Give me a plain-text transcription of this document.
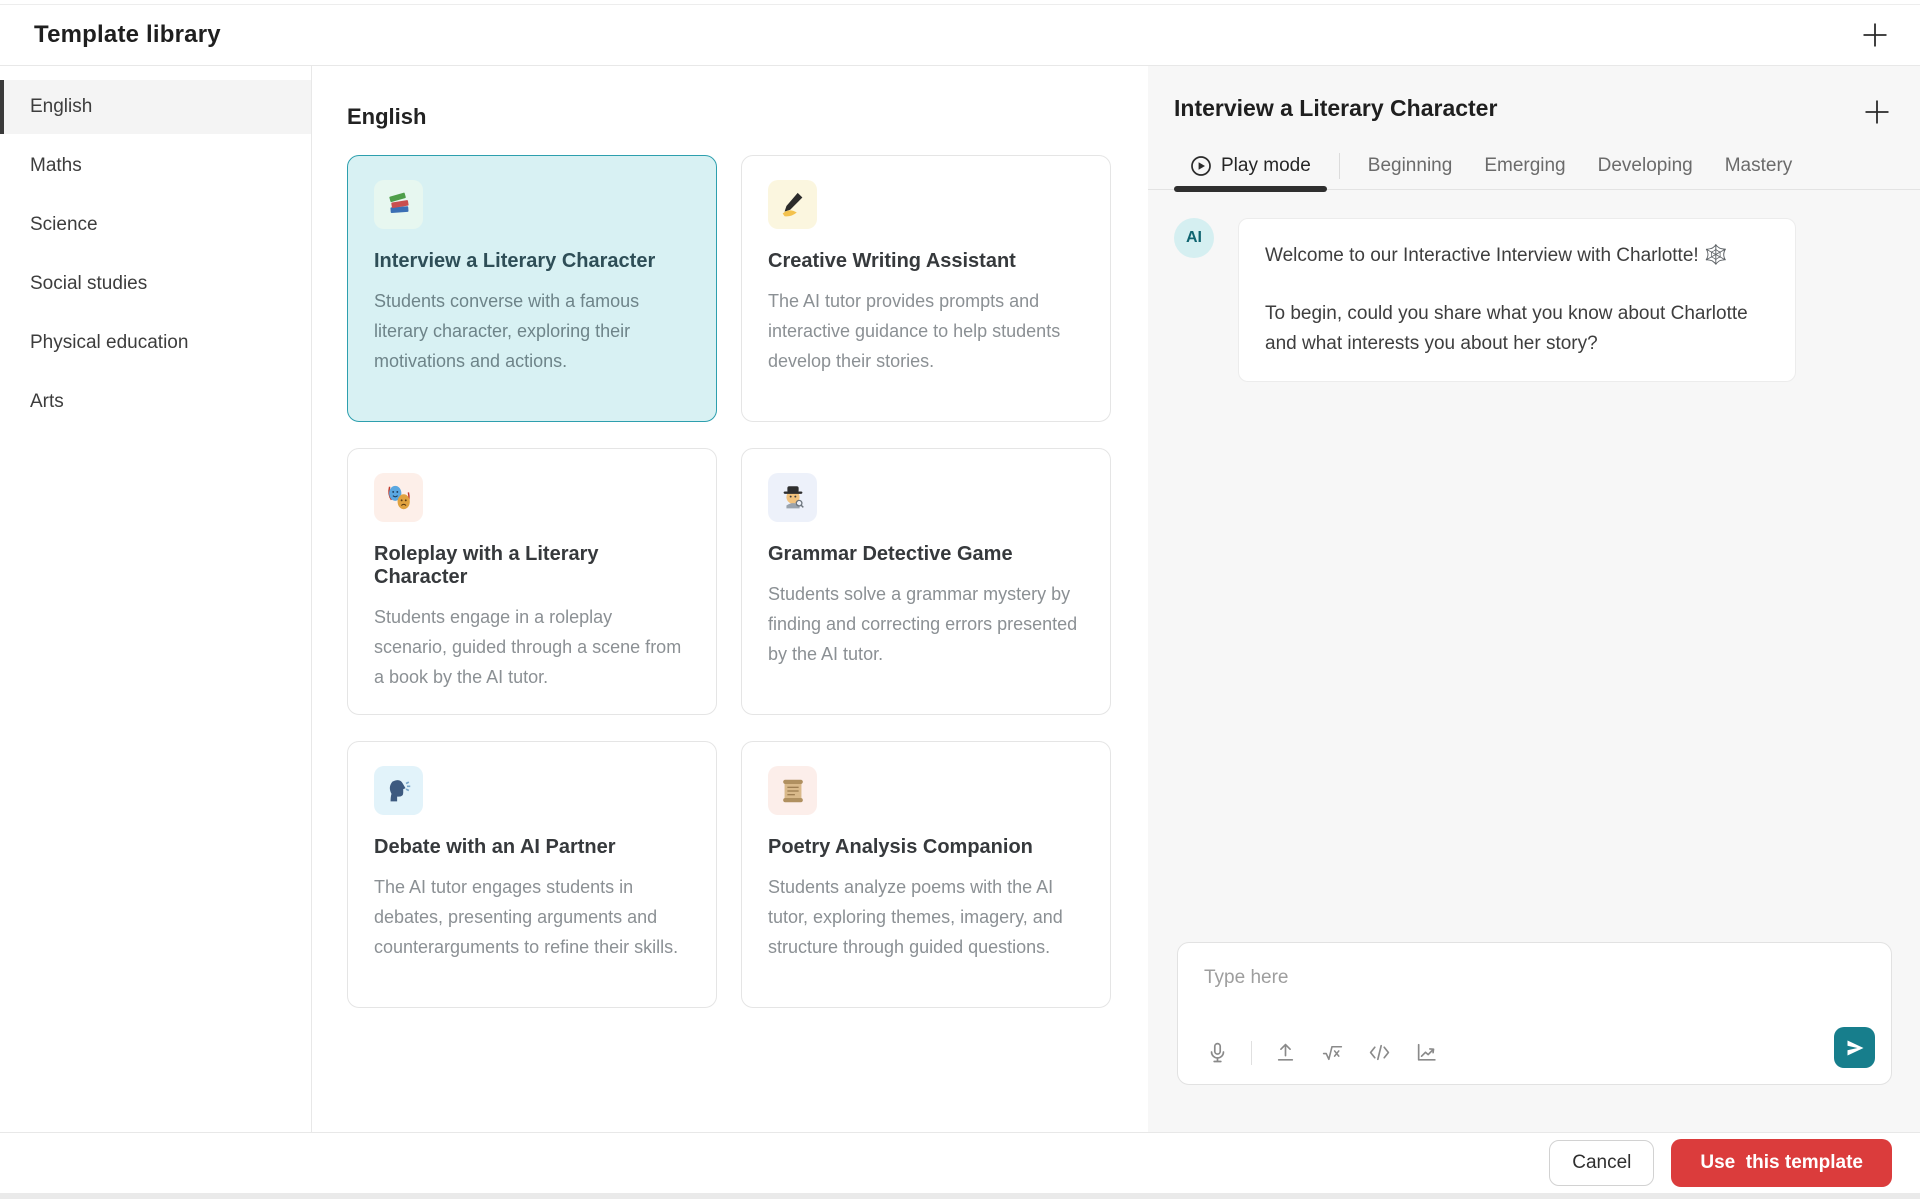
Template library
English
Maths
Science
Social studies
Physical education
Arts
English
Interview a Literary Character

Students converse with a famous literary character, exploring their motivations and actions.

Creative Writing Assistant

The AI tutor provides prompts and interactive guidance to help students develop their stories.

Roleplay with a Literary Character

Students engage in a roleplay scenario, guided through a scene from a book by the AI tutor.

Grammar Detective Game

Students solve a grammar mystery by finding and correcting errors presented by the AI tutor.

Debate with an AI Partner

The AI tutor engages students in debates, presenting arguments and counterarguments to refine their skills.

Poetry Analysis Companion

Students analyze poems with the AI tutor, exploring themes, imagery, and structure through guided questions.

Interview a Literary Character
Play mode	Beginning Emerging Developing Mastery
AI

Welcome to our Interactive Interview with Charlotte! 🕸️

To begin, could you share what you know about Charlotte and what interests you about her story?

Type here
Cancel	Use  this template
